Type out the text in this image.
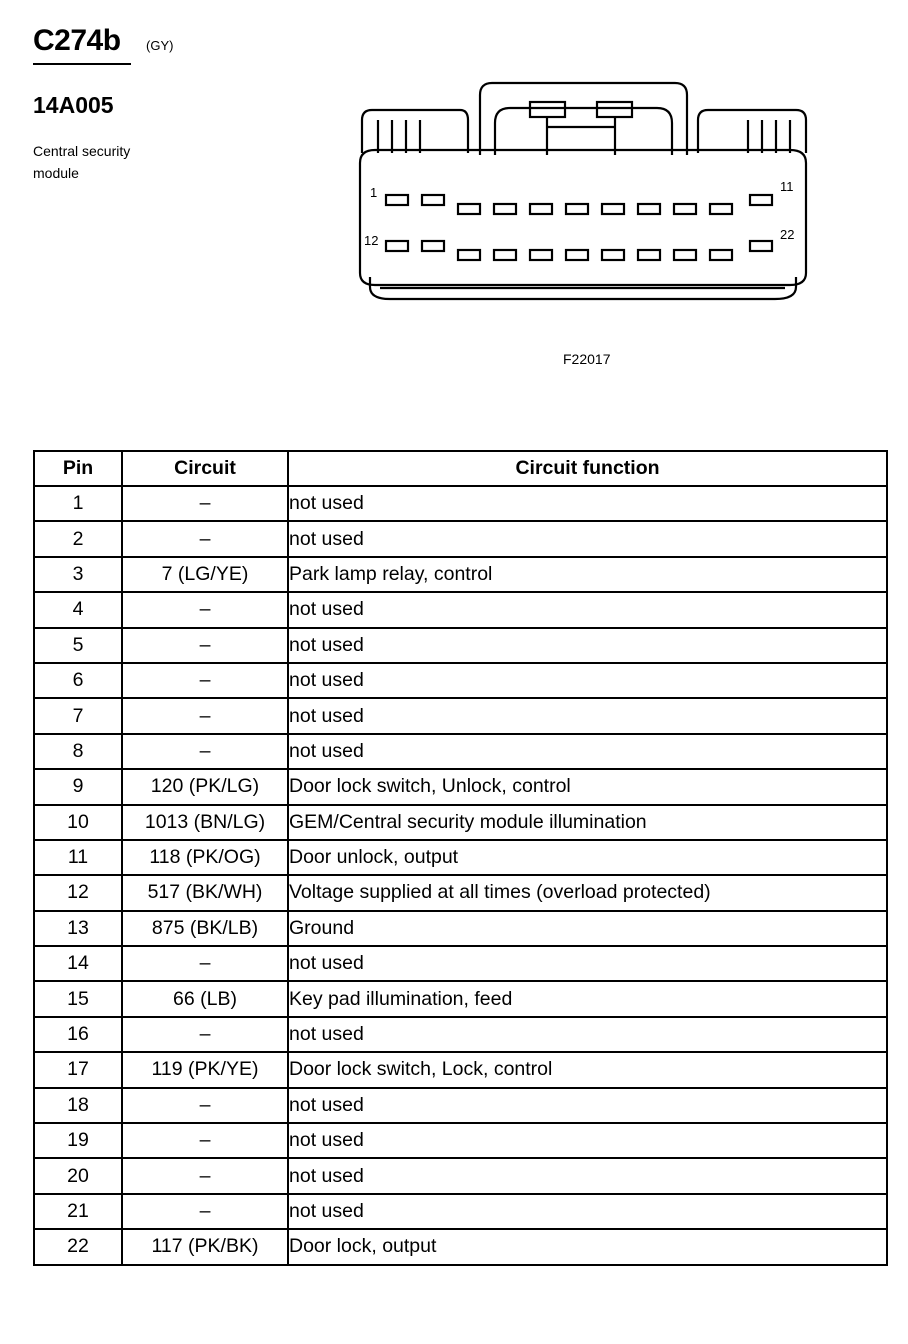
C274b (GY)
14A005
Central security module
1	11
12	22
F22017
Pin	Circuit	Circuit function
1	–	not used
2	–	not used
3	7 (LG/YE)	Park lamp relay, control
4	–	not used
5	–	not used
6	–	not used
7	–	not used
8	–	not used
9	120 (PK/LG)	Door lock switch, Unlock, control
10	1013 (BN/LG)	GEM/Central security module illumination
11	118 (PK/OG)	Door unlock, output
12	517 (BK/WH)	Voltage supplied at all times (overload protected)
13	875 (BK/LB)	Ground
14	–	not used
15	66 (LB)	Key pad illumination, feed
16	–	not used
17	119 (PK/YE)	Door lock switch, Lock, control
18	–	not used
19	–	not used
20	–	not used
21	–	not used
22	117 (PK/BK)	Door lock, output
